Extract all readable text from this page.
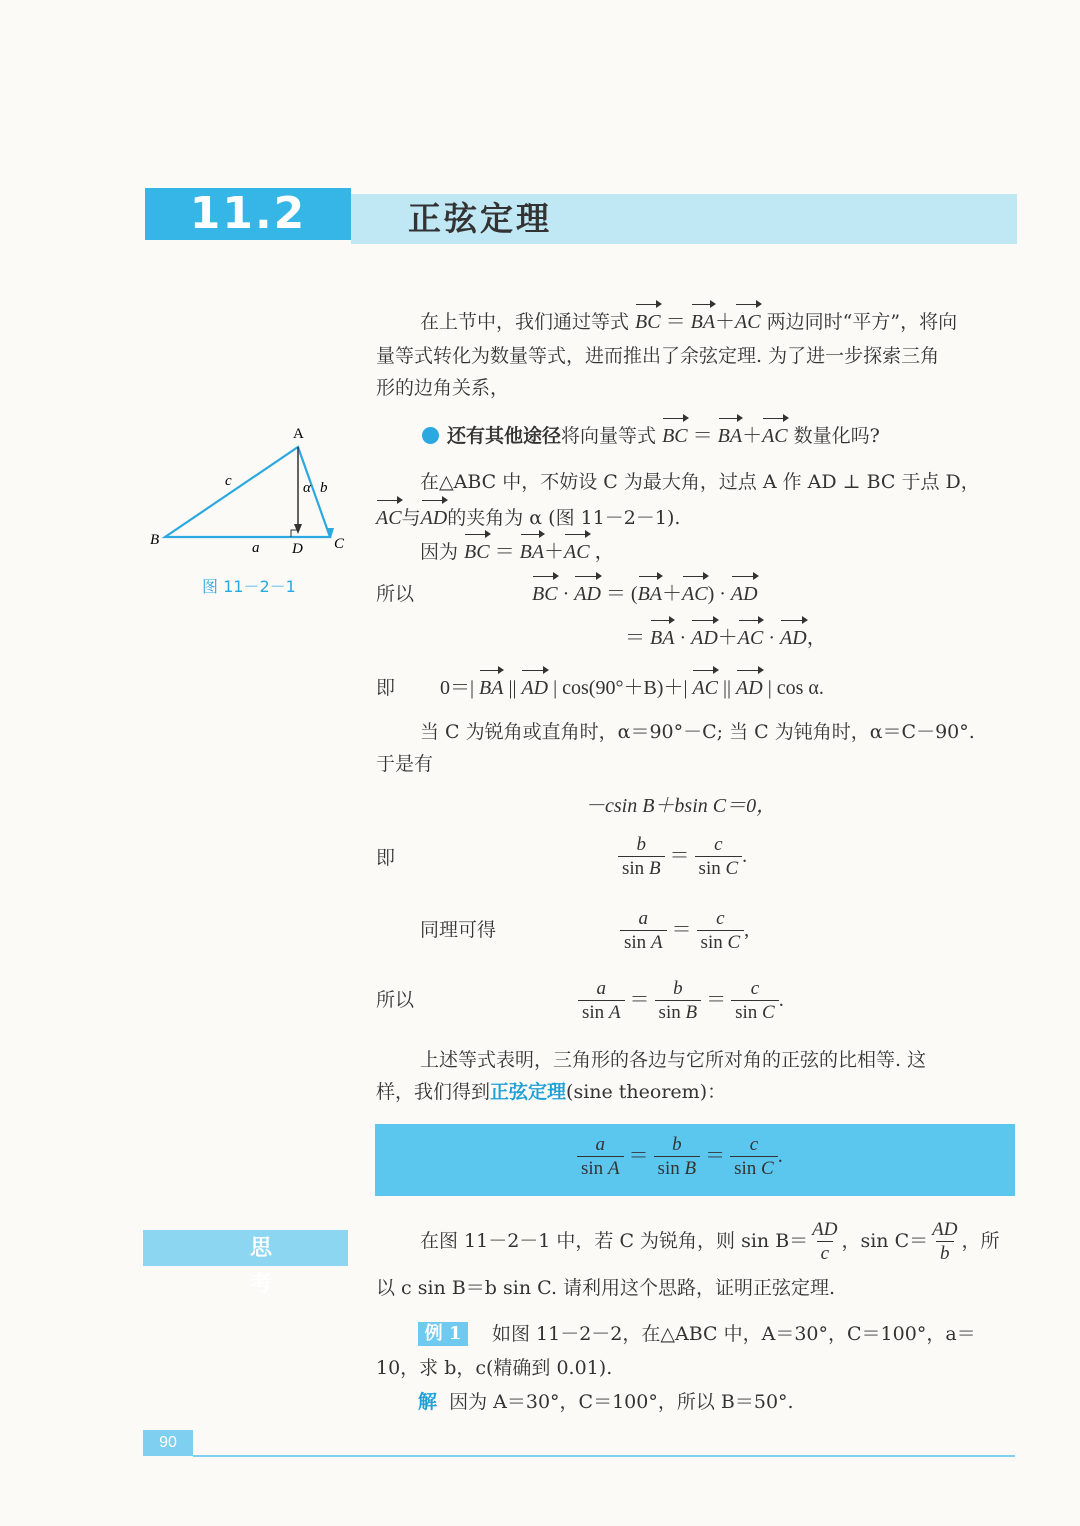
11.2	正弦定理
在上节中，我们通过等式 BC ＝ BA＋AC 两边同时“平方”，将向
量等式转化为数量等式，进而推出了余弦定理. 为了进一步探索三角
形的边角关系，
还有其他途径将向量等式 BC ＝ BA＋AC 数量化吗?
A
B	C
D
a
b
c	α
图 11－2－1
在△ABC 中，不妨设 C 为最大角，过点 A 作 AD ⊥ BC 于点 D，
AC与AD的夹角为 α (图 11－2－1).
因为 BC ＝ BA＋AC ，
所以	BC · AD ＝ (BA＋AC) · AD
＝ BA · AD＋AC · AD，
即 0＝| BA || AD | cos(90°＋B)＋| AC || AD | cos α.
当 C 为锐角或直角时，α＝90°－C; 当 C 为钝角时，α＝C－90°.
于是有
－csin B＋bsin C＝0，
即	$\frac{b}{\text{sin B}} = \frac{c}{\text{sin C}}$ .
同理可得	$\frac{a}{\text{sin A}} = \frac{c}{\text{sin C}}$ ,
所以	$\frac{a}{\text{sin A}} = \frac{b}{\text{sin B}} = \frac{c}{\text{sin C}}$ .
上述等式表明，三角形的各边与它所对角的正弦的比相等. 这
样，我们得到正弦定理(sine theorem)：
$\frac{a}{\text{sin A}} = \frac{b}{\text{sin B}} = \frac{c}{\text{sin C}}$ .
思 考
在图 11－2－1 中，若 C 为锐角，则 $\sin B= \frac{AD}{c}$ ，$\sin C= \frac{AD}{b}$ ，所
以 c sin B＝b sin C. 请利用这个思路，证明正弦定理.
例 1	如图 11－2－2，在△ABC 中，A＝30°，C＝100°，a＝
10，求 b，c(精确到 0.01).
解 因为 A＝30°，C＝100°，所以 B＝50°.
90
